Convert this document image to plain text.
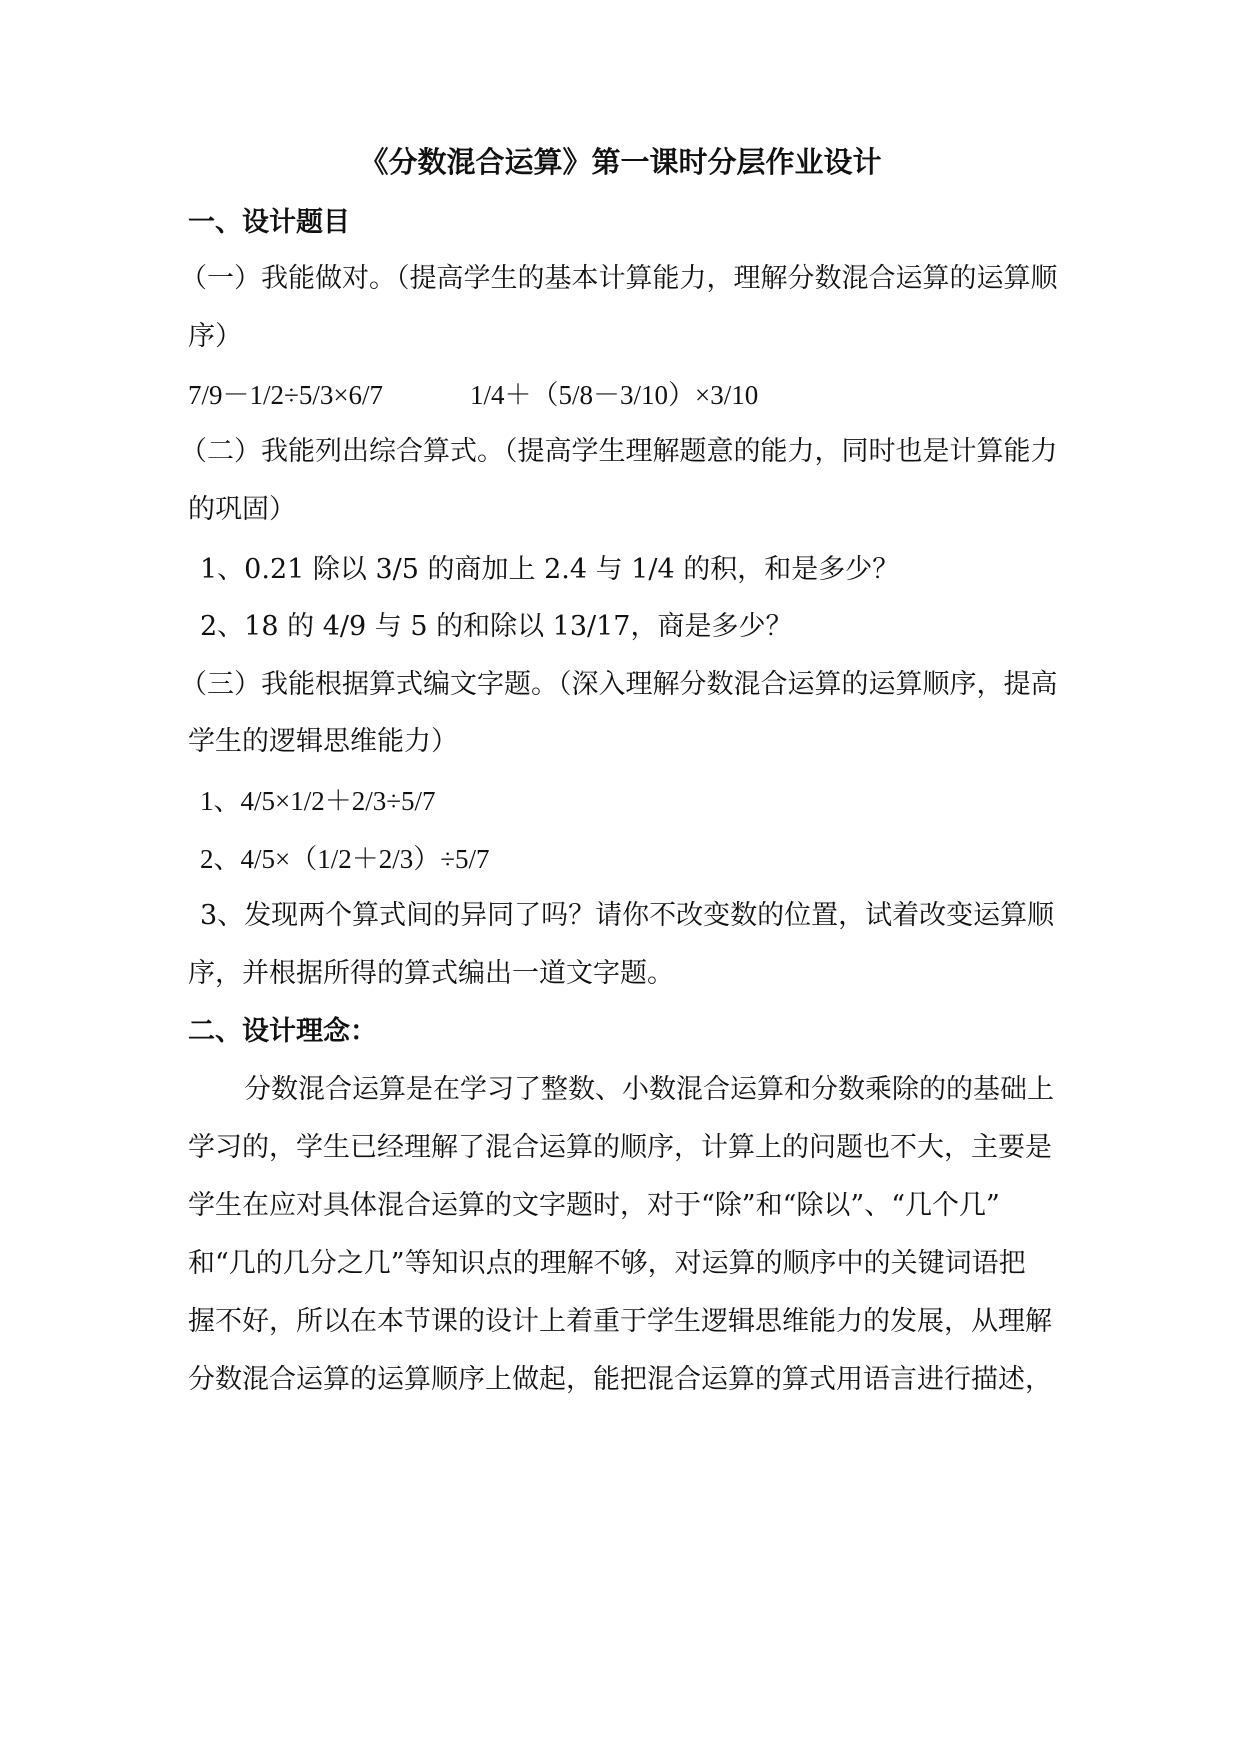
《分数混合运算》第一课时分层作业设计
一、设计题目
（一）我能做对。（提高学生的基本计算能力，理解分数混合运算的运算顺
序）
7/9－1/2÷5/3×6/7	1/4＋（5/8－3/10）×3/10
（二）我能列出综合算式。（提高学生理解题意的能力，同时也是计算能力
的巩固）
1、0.21 除以 3/5 的商加上 2.4 与 1/4 的积，和是多少？
2、18 的 4/9 与 5 的和除以 13/17，商是多少？
（三）我能根据算式编文字题。（深入理解分数混合运算的运算顺序，提高
学生的逻辑思维能力）
1、4/5×1/2＋2/3÷5/7
2、4/5×（1/2＋2/3）÷5/7
3、发现两个算式间的异同了吗？请你不改变数的位置，试着改变运算顺
序，并根据所得的算式编出一道文字题。
二、设计理念：
分数混合运算是在学习了整数、小数混合运算和分数乘除的的基础上
学习的，学生已经理解了混合运算的顺序，计算上的问题也不大，主要是
学生在应对具体混合运算的文字题时，对于“除”和“除以”、“几个几”
和“几的几分之几”等知识点的理解不够，对运算的顺序中的关键词语把
握不好，所以在本节课的设计上着重于学生逻辑思维能力的发展，从理解
分数混合运算的运算顺序上做起，能把混合运算的算式用语言进行描述，
